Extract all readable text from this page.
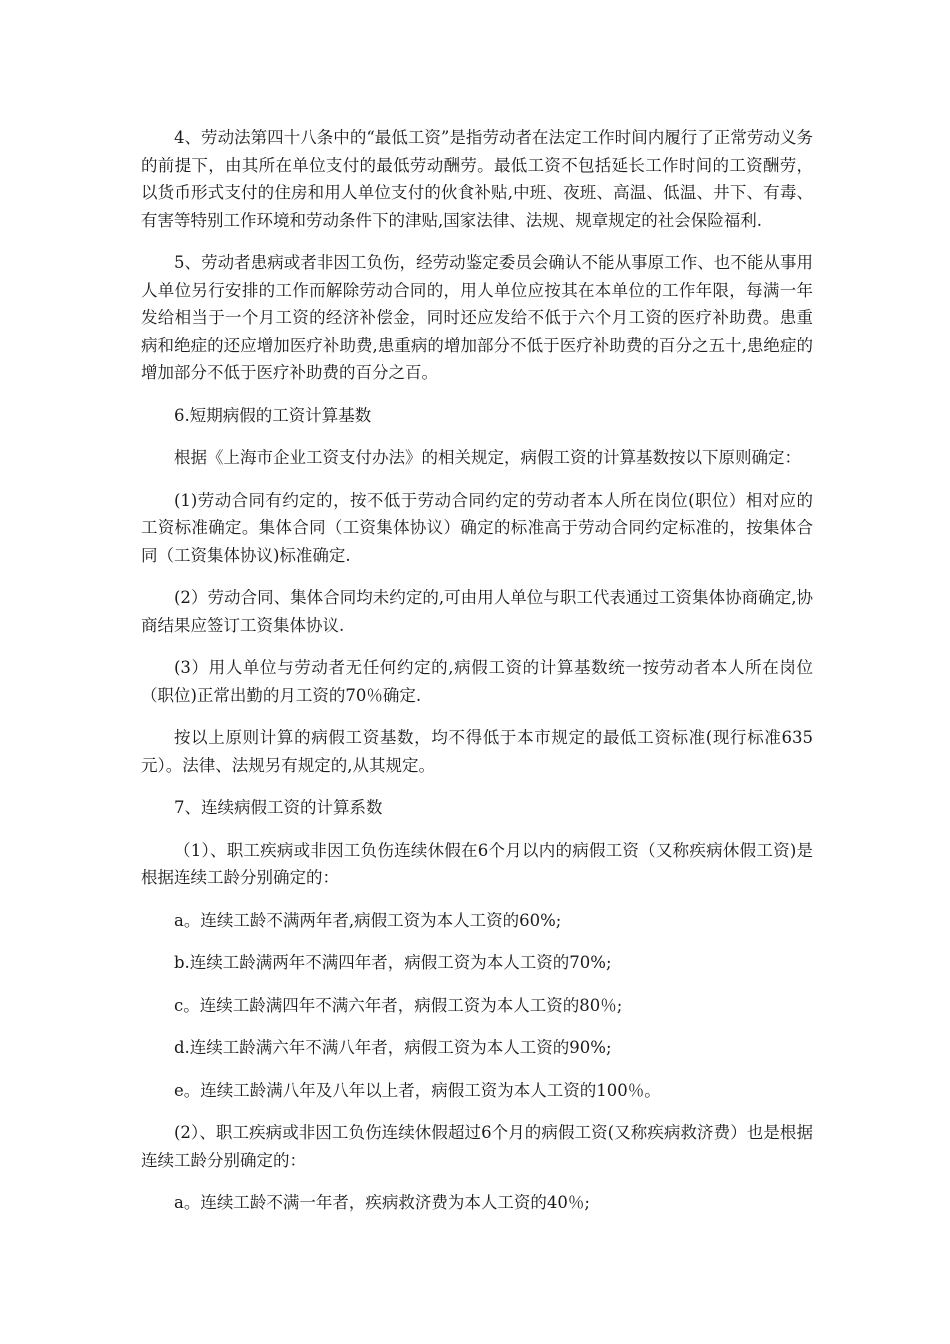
4、劳动法第四十八条中的“最低工资”是指劳动者在法定工作时间内履行了正常劳动义务的前提下，由其所在单位支付的最低劳动酬劳。最低工资不包括延长工作时间的工资酬劳，以货币形式支付的住房和用人单位支付的伙食补贴,中班、夜班、高温、低温、井下、有毒、有害等特别工作环境和劳动条件下的津贴,国家法律、法规、规章规定的社会保险福利.

5、劳动者患病或者非因工负伤，经劳动鉴定委员会确认不能从事原工作、也不能从事用人单位另行安排的工作而解除劳动合同的，用人单位应按其在本单位的工作年限，每满一年发给相当于一个月工资的经济补偿金，同时还应发给不低于六个月工资的医疗补助费。患重病和绝症的还应增加医疗补助费,患重病的增加部分不低于医疗补助费的百分之五十,患绝症的增加部分不低于医疗补助费的百分之百。

6.短期病假的工资计算基数

根据《上海市企业工资支付办法》的相关规定，病假工资的计算基数按以下原则确定：

(1)劳动合同有约定的，按不低于劳动合同约定的劳动者本人所在岗位(职位）相对应的工资标准确定。集体合同（工资集体协议）确定的标准高于劳动合同约定标准的，按集体合同（工资集体协议)标准确定.

(2）劳动合同、集体合同均未约定的,可由用人单位与职工代表通过工资集体协商确定,协商结果应签订工资集体协议.

(3）用人单位与劳动者无任何约定的,病假工资的计算基数统一按劳动者本人所在岗位（职位)正常出勤的月工资的70％确定.

按以上原则计算的病假工资基数，均不得低于本市规定的最低工资标准(现行标准635元）。法律、法规另有规定的,从其规定。

7、连续病假工资的计算系数

（1）、职工疾病或非因工负伤连续休假在6个月以内的病假工资（又称疾病休假工资)是根据连续工龄分别确定的：

a。连续工龄不满两年者,病假工资为本人工资的60%;

b.连续工龄满两年不满四年者，病假工资为本人工资的70%;

c。连续工龄满四年不满六年者，病假工资为本人工资的80％;

d.连续工龄满六年不满八年者，病假工资为本人工资的90%;

e。连续工龄满八年及八年以上者，病假工资为本人工资的100％。

(2）、职工疾病或非因工负伤连续休假超过6个月的病假工资(又称疾病救济费）也是根据连续工龄分别确定的：

a。连续工龄不满一年者，疾病救济费为本人工资的40％;
